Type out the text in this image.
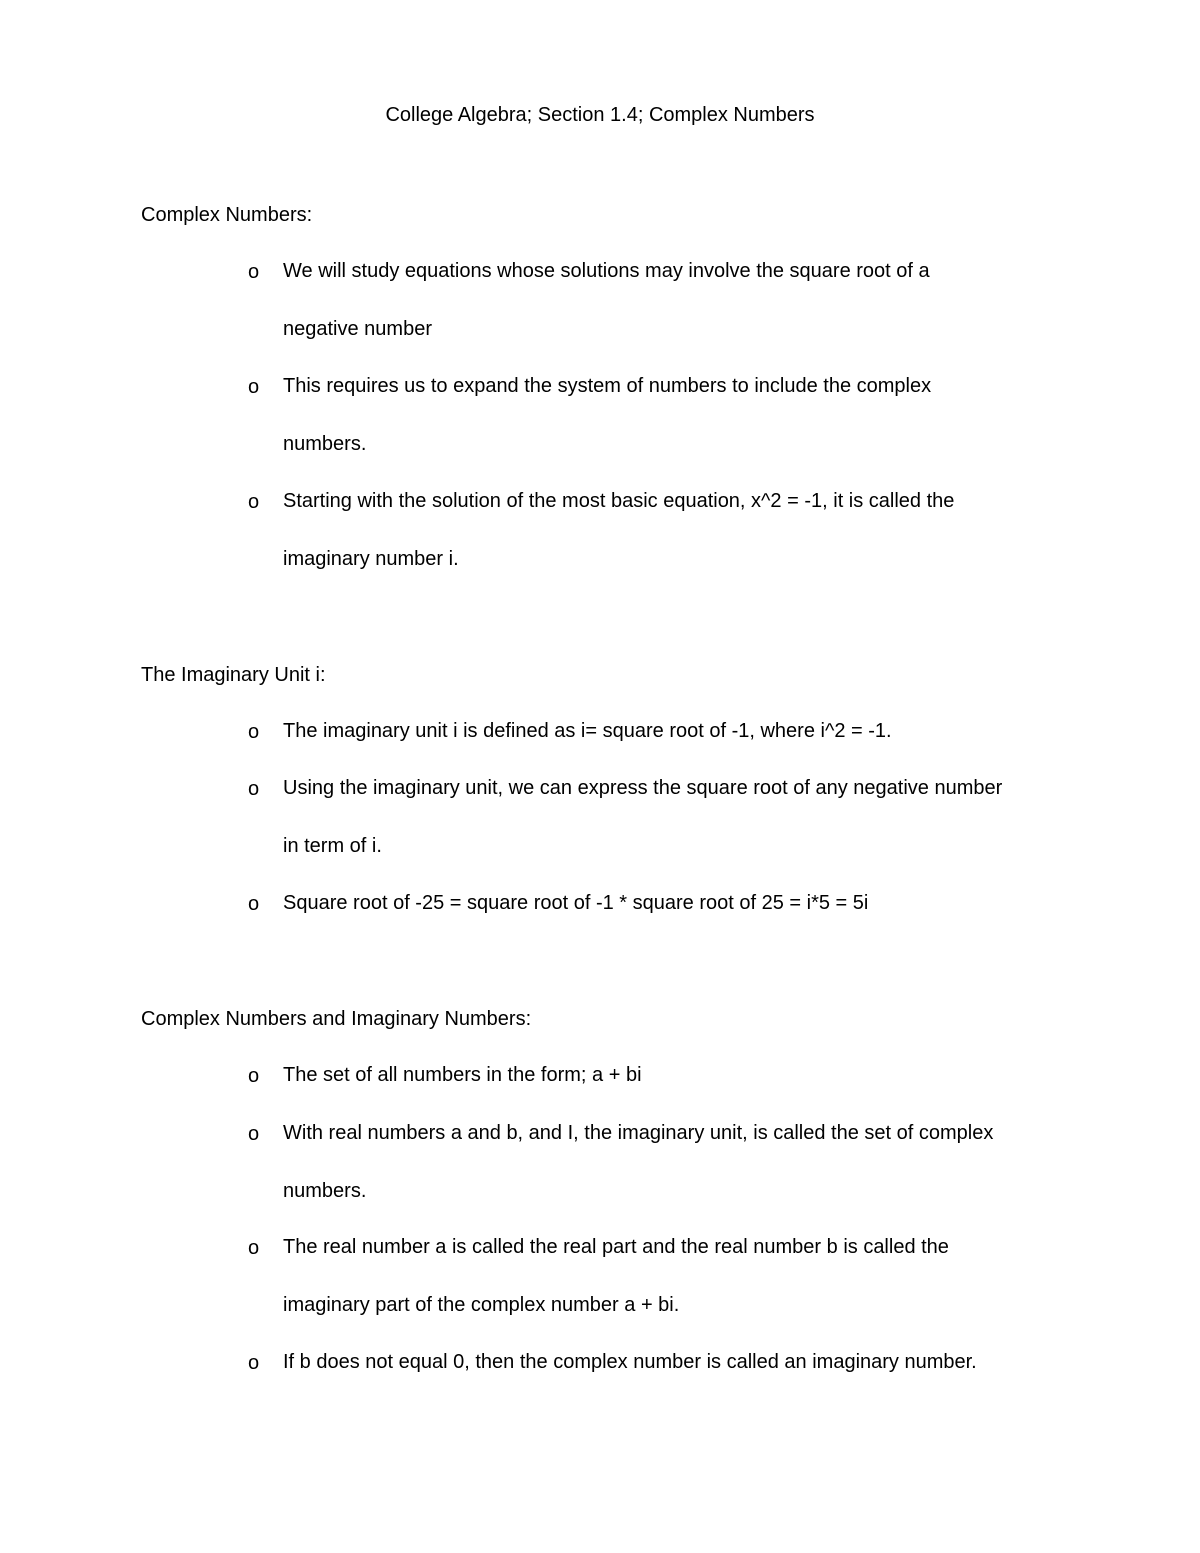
College Algebra; Section 1.4; Complex Numbers
Complex Numbers:
o We will study equations whose solutions may involve the square root of a
negative number
o This requires us to expand the system of numbers to include the complex
numbers.
o Starting with the solution of the most basic equation, x^2 = -1, it is called the
imaginary number i.
The Imaginary Unit i:
o The imaginary unit i is defined as i= square root of -1, where i^2 = -1.
o Using the imaginary unit, we can express the square root of any negative number
in term of i.
o Square root of -25 = square root of -1 * square root of 25 = i*5 = 5i
Complex Numbers and Imaginary Numbers:
o The set of all numbers in the form; a + bi
o With real numbers a and b, and I, the imaginary unit, is called the set of complex
numbers.
o The real number a is called the real part and the real number b is called the
imaginary part of the complex number a + bi.
o If b does not equal 0, then the complex number is called an imaginary number.
